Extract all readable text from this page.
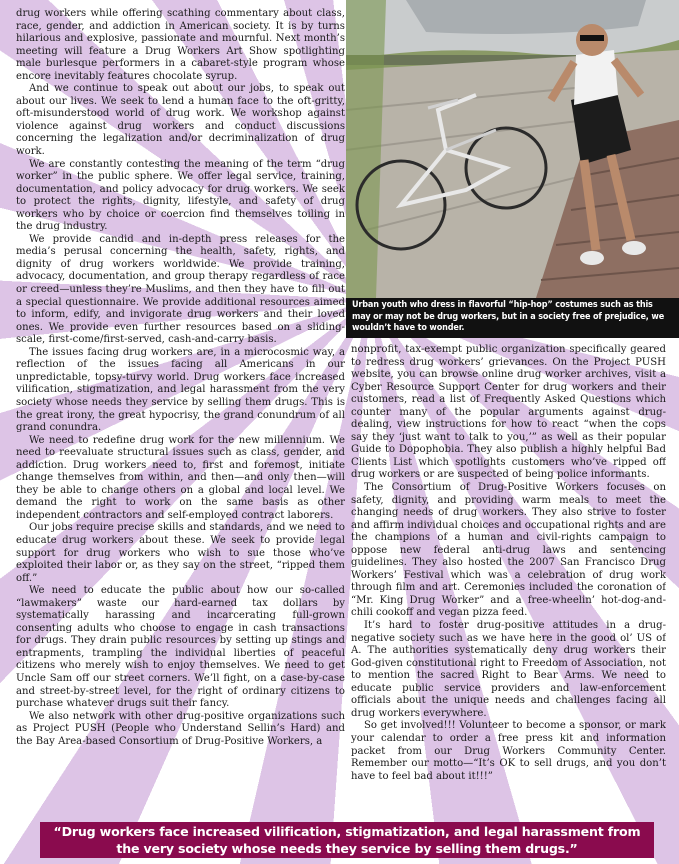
drug workers while offering scathing commentary about class, race, gender, and addiction in American society. It is by turns hilarious and explosive, passionate and mournful. Next month’s meeting will feature a Drug Workers Art Show spotlighting male burlesque performers in a cabaret-style program whose encore inevitably features chocolate syrup.

And we continue to speak out about our jobs, to speak out about our lives. We seek to lend a human face to the oft-gritty, oft-misunderstood world of drug work. We workshop against violence against drug workers and conduct discussions concerning the legalization and/or decriminalization of drug work.

We are constantly contesting the meaning of the term “drug worker” in the public sphere. We offer legal service, training, documentation, and policy advocacy for drug workers. We seek to protect the rights, dignity, lifestyle, and safety of drug workers who by choice or coercion find themselves toiling in the drug industry.

We provide candid and in-depth press releases for the media’s perusal concerning the health, safety, rights, and dignity of drug workers worldwide. We provide training, advocacy, documentation, and group therapy regardless of race or creed—unless they’re Muslims, and then they have to fill out a special questionnaire. We provide additional resources aimed to inform, edify, and invigorate drug workers and their loved ones. We provide even further resources based on a sliding-scale, first-come/first-served, cash-and-carry basis.

The issues facing drug workers are, in a microcosmic way, a reflection of the issues facing all Americans in our unpredictable, topsy-turvy world. Drug workers face increased vilification, stigmatization, and legal harassment from the very society whose needs they service by selling them drugs. This is the great irony, the great hypocrisy, the grand conundrum of all grand conundra.

We need to redefine drug work for the new millennium. We need to reevaluate structural issues such as class, gender, and addiction. Drug workers need to, first and foremost, initiate change themselves from within, and then—and only then—will they be able to change others on a global and local level. We demand the right to work on the same basis as other independent contractors and self-employed contract laborers.

Our jobs require precise skills and standards, and we need to educate drug workers about these. We seek to provide legal support for drug workers who wish to sue those who’ve exploited their labor or, as they say on the street, “ripped them off.”

We need to educate the public about how our so-called “lawmakers” waste our hard-earned tax dollars by systematically harassing and incarcerating full-grown consenting adults who choose to engage in cash transactions for drugs. They drain public resources by setting up stings and entrapments, trampling the individual liberties of peaceful citizens who merely wish to enjoy themselves. We need to get Uncle Sam off our street corners. We’ll fight, on a case-by-case and street-by-street level, for the right of ordinary citizens to purchase whatever drugs suit their fancy.

We also network with other drug-positive organizations such as Project PUSH (People who Understand Sellin’s Hard) and the Bay Area-based Consortium of Drug-Positive Workers, a

Urban youth who dress in flavorful “hip-hop” costumes such as this may or may not be drug workers, but in a society free of prejudice, we wouldn’t have to wonder.

nonprofit, tax-exempt public organization specifically geared to redress drug workers’ grievances. On the Project PUSH website, you can browse online drug worker archives, visit a Cyber Resource Support Center for drug workers and their customers, read a list of Frequently Asked Questions which counter many of the popular arguments against drug-dealing, view instructions for how to react “when the cops say they ‘just want to talk to you,’” as well as their popular Guide to Dopophobia. They also publish a highly helpful Bad Clients List which spotlights customers who’ve ripped off drug workers or are suspected of being police informants.

The Consortium of Drug-Positive Workers focuses on safety, dignity, and providing warm meals to meet the changing needs of drug workers. They also strive to foster and affirm individual choices and occupational rights and are the champions of a human and civil-rights campaign to oppose new federal anti-drug laws and sentencing guidelines. They also hosted the 2007 San Francisco Drug Workers’ Festival which was a celebration of drug work through film and art. Ceremonies included the coronation of “Mr. King Drug Worker” and a free-wheelin’ hot-dog-and-chili cookoff and vegan pizza feed.

It’s hard to foster drug-positive attitudes in a drug-negative society such as we have here in the good ol’ US of A. The authorities systematically deny drug workers their God-given constitutional right to Freedom of Association, not to mention the sacred Right to Bear Arms. We need to educate public service providers and law-enforcement officials about the unique needs and challenges facing all drug workers everywhere.

So get involved!!! Volunteer to become a sponsor, or mark your calendar to order a free press kit and information packet from our Drug Workers Community Center. Remember our motto—“It’s OK to sell drugs, and you don’t have to feel bad about it!!!”

“Drug workers face increased vilification, stigmatization, and legal harassment from the very society whose needs they service by selling them drugs.”
